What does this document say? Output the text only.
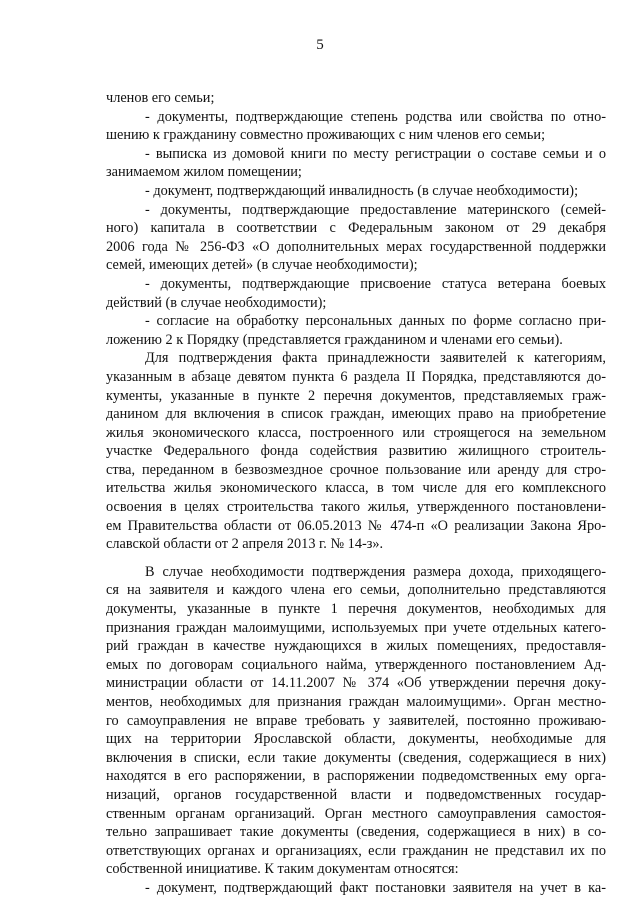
5
членов его семьи;
- документы, подтверждающие степень родства или свойства по отно-
шению к гражданину совместно проживающих с ним членов его семьи;
- выписка из домовой книги по месту регистрации о составе семьи и о
занимаемом жилом помещении;
- документ, подтверждающий инвалидность (в случае необходимости);
- документы, подтверждающие предоставление материнского (семей-
ного) капитала в соответствии с Федеральным законом от 29 декабря
2006 года № 256-ФЗ «О дополнительных мерах государственной поддержки
семей, имеющих детей» (в случае необходимости);
- документы, подтверждающие присвоение статуса ветерана боевых
действий (в случае необходимости);
- согласие на обработку персональных данных по форме согласно при-
ложению 2 к Порядку (представляется гражданином и членами его семьи).
Для подтверждения факта принадлежности заявителей к категориям,
указанным в абзаце девятом пункта 6 раздела II Порядка, представляются до-
кументы, указанные в пункте 2 перечня документов, представляемых граж-
данином для включения в список граждан, имеющих право на приобретение
жилья экономического класса, построенного или строящегося на земельном
участке Федерального фонда содействия развитию жилищного строитель-
ства, переданном в безвозмездное срочное пользование или аренду для стро-
ительства жилья экономического класса, в том числе для его комплексного
освоения в целях строительства такого жилья, утвержденного постановлени-
ем Правительства области от 06.05.2013 № 474-п «О реализации Закона Яро-
славской области от 2 апреля 2013 г. № 14-з».
В случае необходимости подтверждения размера дохода, приходящего-
ся на заявителя и каждого члена его семьи, дополнительно представляются
документы, указанные в пункте 1 перечня документов, необходимых для
признания граждан малоимущими, используемых при учете отдельных катего-
рий граждан в качестве нуждающихся в жилых помещениях, предоставля-
емых по договорам социального найма, утвержденного постановлением Ад-
министрации области от 14.11.2007 № 374 «Об утверждении перечня доку-
ментов, необходимых для признания граждан малоимущими». Орган местно-
го самоуправления не вправе требовать у заявителей, постоянно проживаю-
щих на территории Ярославской области, документы, необходимые для
включения в списки, если такие документы (сведения, содержащиеся в них)
находятся в его распоряжении, в распоряжении подведомственных ему орга-
низаций, органов государственной власти и подведомственных государ-
ственным органам организаций. Орган местного самоуправления самостоя-
тельно запрашивает такие документы (сведения, содержащиеся в них) в со-
ответствующих органах и организациях, если гражданин не представил их по
собственной инициативе. К таким документам относятся:
- документ, подтверждающий факт постановки заявителя на учет в ка-
